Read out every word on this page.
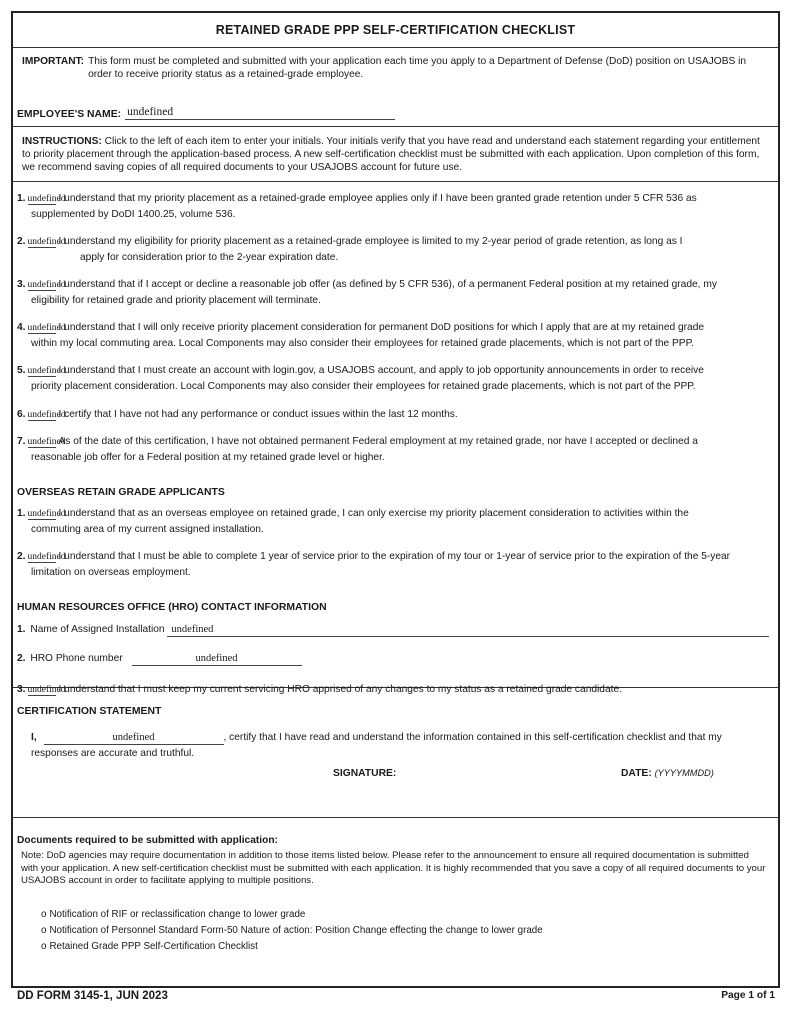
RETAINED GRADE PPP SELF-CERTIFICATION CHECKLIST
IMPORTANT: This form must be completed and submitted with your application each time you apply to a Department of Defense (DoD) position on USAJOBS in order to receive priority status as a retained-grade employee.
EMPLOYEE'S NAME: undefined
INSTRUCTIONS: Click to the left of each item to enter your initials. Your initials verify that you have read and understand each statement regarding your entitlement to priority placement through the application-based process. A new self-certification checklist must be submitted with each application. Upon completion of this form, we recommend saving copies of all required documents to your USAJOBS account for future use.
1. undefinedI understand that my priority placement as a retained-grade employee applies only if I have been granted grade retention under 5 CFR 536 as
supplemented by DoDI 1400.25, volume 536.
2. undefinedI understand my eligibility for priority placement as a retained-grade employee is limited to my 2-year period of grade retention, as long as I
apply for consideration prior to the 2-year expiration date.
3. undefinedI understand that if I accept or decline a reasonable job offer (as defined by 5 CFR 536), of a permanent Federal position at my retained grade, my
eligibility for retained grade and priority placement will terminate.
4. undefinedI understand that I will only receive priority placement consideration for permanent DoD positions for which I apply that are at my retained grade
within my local commuting area. Local Components may also consider their employees for retained grade placements, which is not part of the PPP.
5. undefinedI understand that I must create an account with login.gov, a USAJOBS account, and apply to job opportunity announcements in order to receive
priority placement consideration. Local Components may also consider their employees for retained grade placements, which is not part of the PPP.
6. undefinedI certify that I have not had any performance or conduct issues within the last 12 months.
7. undefinedAs of the date of this certification, I have not obtained permanent Federal employment at my retained grade, nor have I accepted or declined a
reasonable job offer for a Federal position at my retained grade level or higher.
OVERSEAS RETAIN GRADE APPLICANTS
1. undefinedI understand that as an overseas employee on retained grade, I can only exercise my priority placement consideration to activities within the
commuting area of my current assigned installation.
2. undefinedI understand that I must be able to complete 1 year of service prior to the expiration of my tour or 1-year of service prior to the expiration of the 5-year
limitation on overseas employment.
HUMAN RESOURCES OFFICE (HRO) CONTACT INFORMATION
1. Name of Assigned Installation undefined
2. HRO Phone number	undefined
3. undefinedI understand that I must keep my current servicing HRO apprised of any changes to my status as a retained grade candidate.
CERTIFICATION STATEMENT
I,	undefined	, certify that I have read and understand the information contained in this self-certification checklist and that my
responses are accurate and truthful.
SIGNATURE:	DATE: (YYYYMMDD)
Documents required to be submitted with application:
Note: DoD agencies may require documentation in addition to those items listed below. Please refer to the announcement to ensure all required documentation is submitted with your application. A new self-certification checklist must be submitted with each application. It is highly recommended that you save a copy of all required documents to your USAJOBS account in order to facilitate applying to multiple positions.
o Notification of RIF or reclassification change to lower grade
o Notification of Personnel Standard Form-50 Nature of action: Position Change effecting the change to lower grade
o Retained Grade PPP Self-Certification Checklist
DD FORM 3145-1, JUN 2023	Page 1 of 1
